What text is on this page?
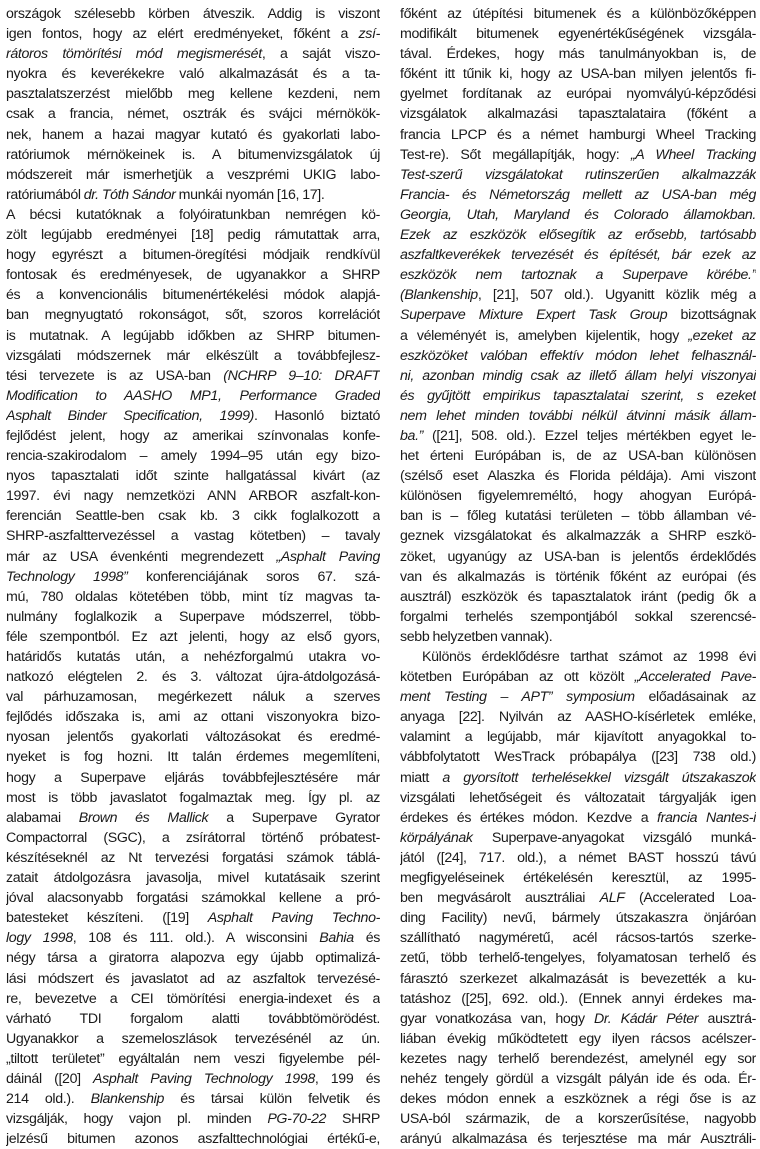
országok szélesebb körben átveszik. Addig is viszont
igen fontos, hogy az elért eredményeket, főként a zsí-
rátoros tömörítési mód megismerését, a saját viszo-
nyokra és keverékekre való alkalmazását és a ta-
pasztalatszerzést mielőbb meg kellene kezdeni, nem
csak a francia, német, osztrák és svájci mérnökök-
nek, hanem a hazai magyar kutató és gyakorlati labo-
ratóriumok mérnökeinek is. A bitumenvizsgálatok új
módszereit már ismerhetjük a veszprémi UKIG labo-
ratóriumából dr. Tóth Sándor munkái nyomán [16, 17].
A bécsi kutatóknak a folyóiratunkban nemrégen kö-
zölt legújabb eredményei [18] pedig rámutattak arra,
hogy egyrészt a bitumen-öregítési módjaik rendkívül
fontosak és eredményesek, de ugyanakkor a SHRP
és a konvencionális bitumenértékelési módok alapjá-
ban megnyugtató rokonságot, sőt, szoros korrelációt
is mutatnak. A legújabb időkben az SHRP bitumen-
vizsgálati módszernek már elkészült a továbbfejlesz-
tési tervezete is az USA-ban (NCHRP 9–10: DRAFT
Modification to AASHO MP1, Performance Graded
Asphalt Binder Specification, 1999). Hasonló biztató
fejlődést jelent, hogy az amerikai színvonalas konfe-
rencia-szakirodalom – amely 1994–95 után egy bizo-
nyos tapasztalati időt szinte hallgatással kivárt (az
1997. évi nagy nemzetközi ANN ARBOR aszfalt-kon-
ferencián Seattle-ben csak kb. 3 cikk foglalkozott a
SHRP-aszfalttervezéssel a vastag kötetben) – tavaly
már az USA évenkénti megrendezett „Asphalt Paving
Technology 1998” konferenciájának soros 67. szá-
mú, 780 oldalas kötetében több, mint tíz magvas ta-
nulmány foglalkozik a Superpave módszerrel, több-
féle szempontból. Ez azt jelenti, hogy az első gyors,
határidős kutatás után, a nehézforgalmú utakra vo-
natkozó elégtelen 2. és 3. változat újra-átdolgozásá-
val párhuzamosan, megérkezett náluk a szerves
fejlődés időszaka is, ami az ottani viszonyokra bizo-
nyosan jelentős gyakorlati változásokat és eredmé-
nyeket is fog hozni. Itt talán érdemes megemlíteni,
hogy a Superpave eljárás továbbfejlesztésére már
most is több javaslatot fogalmaztak meg. Így pl. az
alabamai Brown és Mallick a Superpave Gyrator
Compactorral (SGC), a zsírátorral történő próbatest-
készítéseknél az Nt tervezési forgatási számok táblá-
zatait átdolgozásra javasolja, mivel kutatásaik szerint
jóval alacsonyabb forgatási számokkal kellene a pró-
batesteket készíteni. ([19] Asphalt Paving Techno-
logy 1998, 108 és 111. old.). A wisconsini Bahia és
négy társa a giratorra alapozva egy újabb optimalizá-
lási módszert és javaslatot ad az aszfaltok tervezésé-
re, bevezetve a CEI tömörítési energia-indexet és a
várható TDI forgalom alatti továbbtömörödést.
Ugyanakkor a szemeloszlások tervezésénél az ún.
„tiltott területet” egyáltalán nem veszi figyelembe pél-
dáinál ([20] Asphalt Paving Technology 1998, 199 és
214 old.). Blankenship és társai külön felvetik és
vizsgálják, hogy vajon pl. minden PG-70-22 SHRP
jelzésű bitumen azonos aszfalttechnológiai értékű-e,
főként az útépítési bitumenek és a különbözőképpen
modifikált bitumenek egyenértékűségének vizsgála-
tával. Érdekes, hogy más tanulmányokban is, de
főként itt tűnik ki, hogy az USA-ban milyen jelentős fi-
gyelmet fordítanak az európai nyomvályú-képződési
vizsgálatok alkalmazási tapasztalataira (főként a
francia LPCP és a német hamburgi Wheel Tracking
Test-re). Sőt megállapítják, hogy: „A Wheel Tracking
Test-szerű vizsgálatokat rutinszerűen alkalmazzák
Francia- és Németország mellett az USA-ban még
Georgia, Utah, Maryland és Colorado államokban.
Ezek az eszközök elősegítik az erősebb, tartósabb
aszfaltkeverékek tervezését és építését, bár ezek az
eszközök nem tartoznak a Superpave körébe.”
(Blankenship, [21], 507 old.). Ugyanitt közlik még a
Superpave Mixture Expert Task Group bizottságnak
a véleményét is, amelyben kijelentik, hogy „ezeket az
eszközöket valóban effektív módon lehet felhasznál-
ni, azonban mindig csak az illető állam helyi viszonyai
és gyűjtött empirikus tapasztalatai szerint, s ezeket
nem lehet minden további nélkül átvinni másik állam-
ba.” ([21], 508. old.). Ezzel teljes mértékben egyet le-
het érteni Európában is, de az USA-ban különösen
(szélső eset Alaszka és Florida példája). Ami viszont
különösen figyelemreméltó, hogy ahogyan Európá-
ban is – főleg kutatási területen – több államban vé-
geznek vizsgálatokat és alkalmazzák a SHRP eszkö-
zöket, ugyanúgy az USA-ban is jelentős érdeklődés
van és alkalmazás is történik főként az európai (és
ausztrál) eszközök és tapasztalatok iránt (pedig ők a
forgalmi terhelés szempontjából sokkal szerencsé-
sebb helyzetben vannak).
Különös érdeklődésre tarthat számot az 1998 évi
kötetben Európában az ott közölt „Accelerated Pave-
ment Testing – APT” symposium előadásainak az
anyaga [22]. Nyilván az AASHO-kísérletek emléke,
valamint a legújabb, már kijavított anyagokkal to-
vábbfolytatott WesTrack próbapálya ([23] 738 old.)
miatt a gyorsított terhelésekkel vizsgált útszakaszok
vizsgálati lehetőségeit és változatait tárgyalják igen
érdekes és értékes módon. Kezdve a francia Nantes-i
körpályának Superpave-anyagokat vizsgáló munká-
jától ([24], 717. old.), a német BAST hosszú távú
megfigyeléseinek értékelésén keresztül, az 1995-
ben megvásárolt ausztráliai ALF (Accelerated Loa-
ding Facility) nevű, bármely útszakaszra önjáróan
szállítható nagyméretű, acél rácsos-tartós szerke-
zetű, több terhelő-tengelyes, folyamatosan terhelő és
fárasztó szerkezet alkalmazását is bevezették a ku-
tatáshoz ([25], 692. old.). (Ennek annyi érdekes ma-
gyar vonatkozása van, hogy Dr. Kádár Péter ausztrá-
liában évekig működtetett egy ilyen rácsos acélszer-
kezetes nagy terhelő berendezést, amelynél egy sor
nehéz tengely gördül a vizsgált pályán ide és oda. Ér-
dekes módon ennek a eszköznek a régi őse is az
USA-ból származik, de a korszerűsítése, nagyobb
arányú alkalmazása és terjesztése ma már Ausztráli-
